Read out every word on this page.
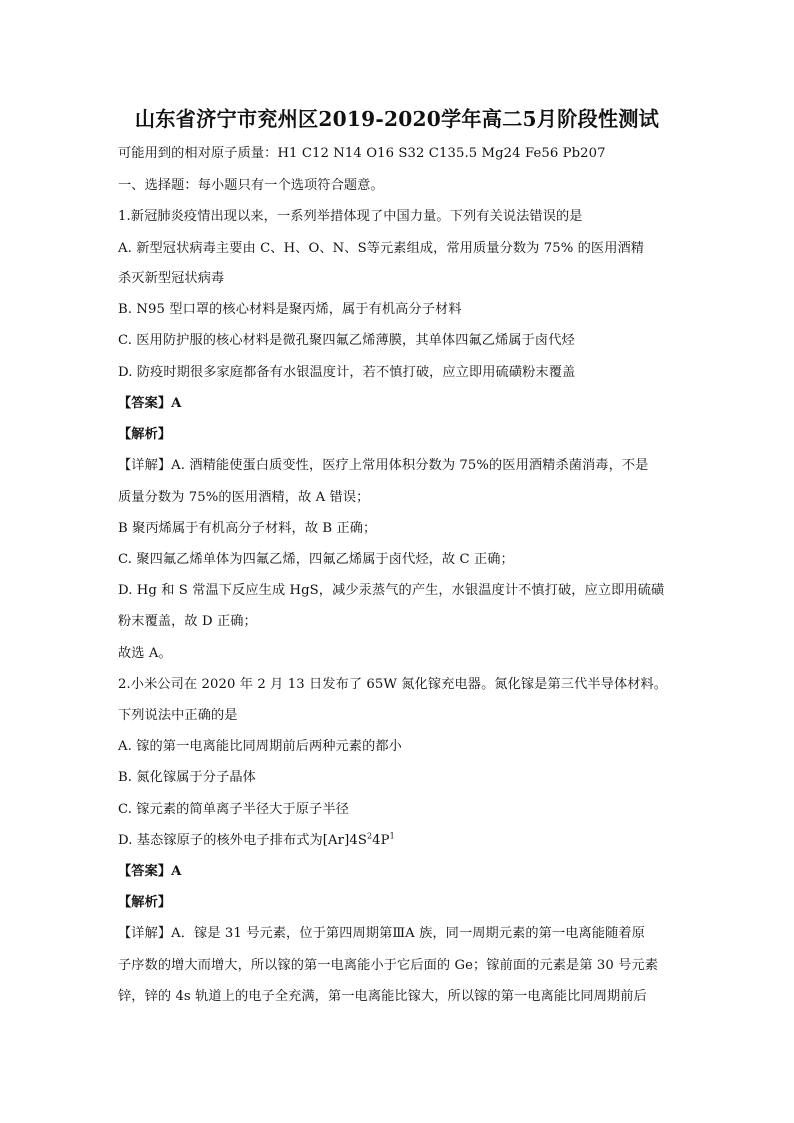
山东省济宁市兖州区2019-2020学年高二5月阶段性测试
可能用到的相对原子质量：H1 C12 N14 O16 S32 C135.5 Mg24 Fe56 Pb207
一、选择题：每小题只有一个选项符合题意。
1.新冠肺炎疫情出现以来，一系列举措体现了中国力量。下列有关说法错误的是
A. 新型冠状病毒主要由 C、H、O、N、S等元素组成，常用质量分数为 75% 的医用酒精
杀灭新型冠状病毒
B. N95 型口罩的核心材料是聚丙烯，属于有机高分子材料
C. 医用防护服的核心材料是微孔聚四氟乙烯薄膜，其单体四氟乙烯属于卤代烃
D. 防疫时期很多家庭都备有水银温度计，若不慎打破，应立即用硫磺粉末覆盖
【答案】A
【解析】
【详解】A. 酒精能使蛋白质变性，医疗上常用体积分数为 75%的医用酒精杀菌消毒，不是
质量分数为 75%的医用酒精，故 A 错误；
B 聚丙烯属于有机高分子材料，故 B 正确；
C. 聚四氟乙烯单体为四氟乙烯，四氟乙烯属于卤代烃，故 C 正确；
D. Hg 和 S 常温下反应生成 HgS，减少汞蒸气的产生，水银温度计不慎打破，应立即用硫磺
粉末覆盖，故 D 正确；
故选 A。
2.小米公司在 2020 年 2 月 13 日发布了 65W 氮化镓充电器。氮化镓是第三代半导体材料。
下列说法中正确的是
A. 镓的第一电离能比同周期前后两种元素的都小
B. 氮化镓属于分子晶体
C. 镓元素的简单离子半径大于原子半径
D. 基态镓原子的核外电子排布式为$[Ar]4S^24P^1$
【答案】A
【解析】
【详解】A．镓是 31 号元素，位于第四周期第ⅢA 族，同一周期元素的第一电离能随着原
子序数的增大而增大，所以镓的第一电离能小于它后面的 Ge；镓前面的元素是第 30 号元素
锌，锌的 4s 轨道上的电子全充满，第一电离能比镓大，所以镓的第一电离能比同周期前后
